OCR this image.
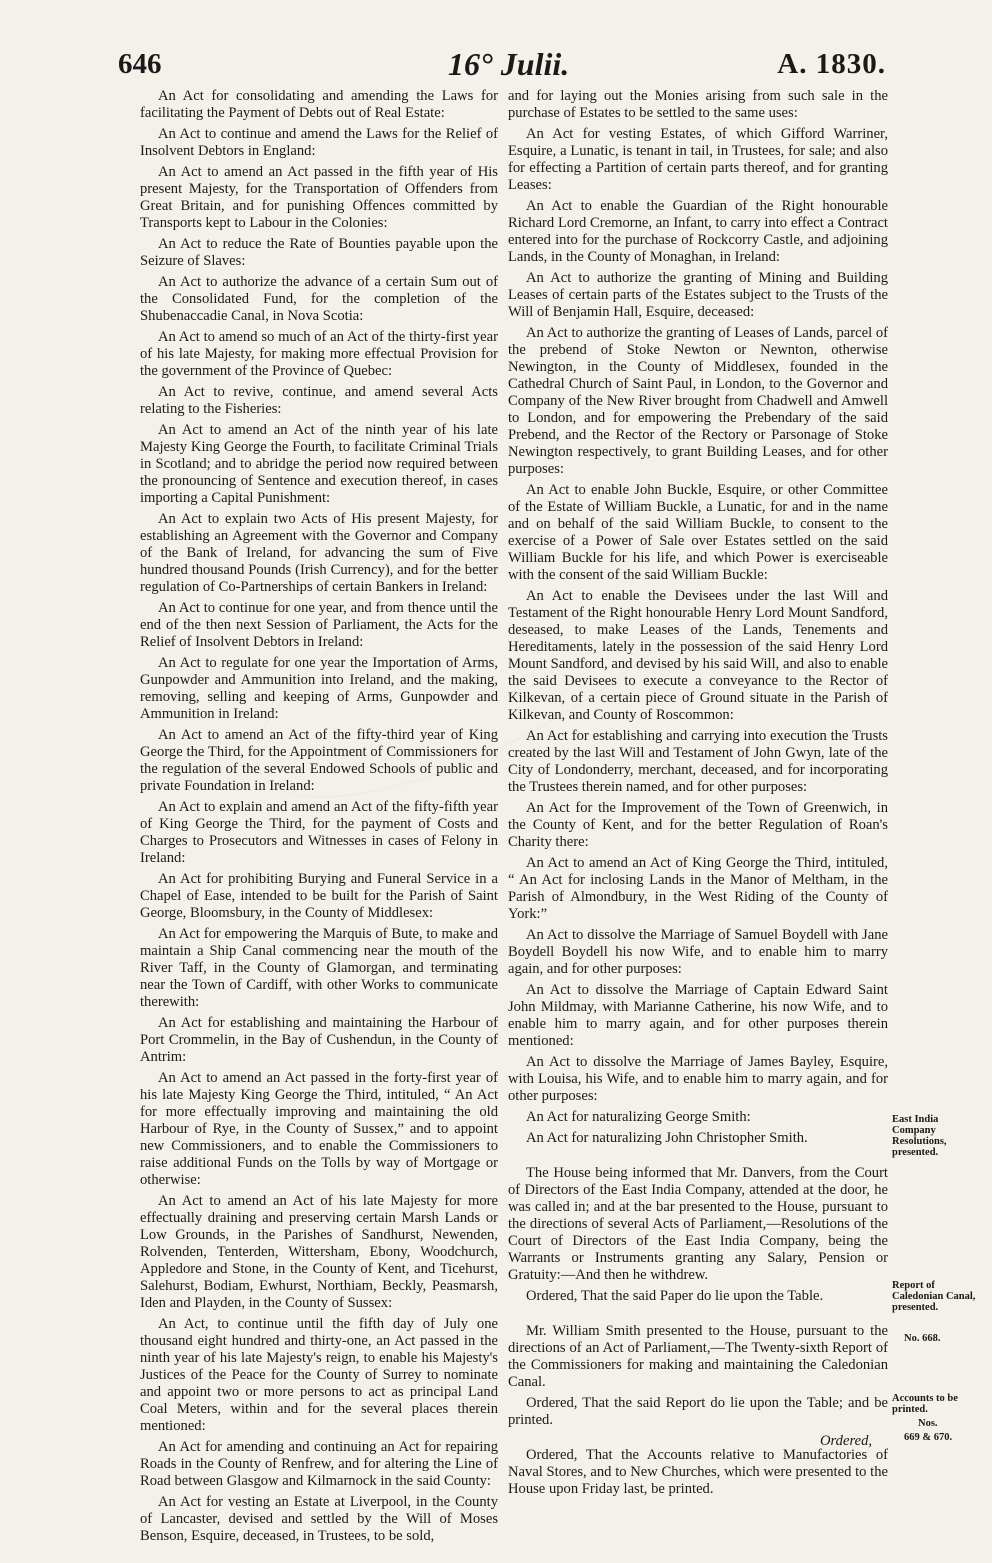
646	16° Julii.	A. 1830.

An Act for consolidating and amending the Laws for facilitating the Payment of Debts out of Real Estate:

An Act to continue and amend the Laws for the Relief of Insolvent Debtors in England:

An Act to amend an Act passed in the fifth year of His present Majesty, for the Transportation of Offenders from Great Britain, and for punishing Offences committed by Transports kept to Labour in the Colonies:

An Act to reduce the Rate of Bounties payable upon the Seizure of Slaves:

An Act to authorize the advance of a certain Sum out of the Consolidated Fund, for the completion of the Shubenaccadie Canal, in Nova Scotia:

An Act to amend so much of an Act of the thirty-first year of his late Majesty, for making more effectual Provision for the government of the Province of Quebec:

An Act to revive, continue, and amend several Acts relating to the Fisheries:

An Act to amend an Act of the ninth year of his late Majesty King George the Fourth, to facilitate Criminal Trials in Scotland; and to abridge the period now required between the pronouncing of Sentence and execution thereof, in cases importing a Capital Punishment:

An Act to explain two Acts of His present Majesty, for establishing an Agreement with the Governor and Company of the Bank of Ireland, for advancing the sum of Five hundred thousand Pounds (Irish Currency), and for the better regulation of Co-Partnerships of certain Bankers in Ireland:

An Act to continue for one year, and from thence until the end of the then next Session of Parliament, the Acts for the Relief of Insolvent Debtors in Ireland:

An Act to regulate for one year the Importation of Arms, Gunpowder and Ammunition into Ireland, and the making, removing, selling and keeping of Arms, Gunpowder and Ammunition in Ireland:

An Act to amend an Act of the fifty-third year of King George the Third, for the Appointment of Commissioners for the regulation of the several Endowed Schools of public and private Foundation in Ireland:

An Act to explain and amend an Act of the fifty-fifth year of King George the Third, for the payment of Costs and Charges to Prosecutors and Witnesses in cases of Felony in Ireland:

An Act for prohibiting Burying and Funeral Service in a Chapel of Ease, intended to be built for the Parish of Saint George, Bloomsbury, in the County of Middlesex:

An Act for empowering the Marquis of Bute, to make and maintain a Ship Canal commencing near the mouth of the River Taff, in the County of Glamorgan, and terminating near the Town of Cardiff, with other Works to communicate therewith:

An Act for establishing and maintaining the Harbour of Port Crommelin, in the Bay of Cushendun, in the County of Antrim:

An Act to amend an Act passed in the forty-first year of his late Majesty King George the Third, intituled, “ An Act for more effectually improving and maintaining the old Harbour of Rye, in the County of Sussex,” and to appoint new Commissioners, and to enable the Commissioners to raise additional Funds on the Tolls by way of Mortgage or otherwise:

An Act to amend an Act of his late Majesty for more effectually draining and preserving certain Marsh Lands or Low Grounds, in the Parishes of Sandhurst, Newenden, Rolvenden, Tenterden, Wittersham, Ebony, Woodchurch, Appledore and Stone, in the County of Kent, and Ticehurst, Salehurst, Bodiam, Ewhurst, Northiam, Beckly, Peasmarsh, Iden and Playden, in the County of Sussex:

An Act, to continue until the fifth day of July one thousand eight hundred and thirty-one, an Act passed in the ninth year of his late Majesty's reign, to enable his Majesty's Justices of the Peace for the County of Surrey to nominate and appoint two or more persons to act as principal Land Coal Meters, within and for the several places therein mentioned:

An Act for amending and continuing an Act for repairing Roads in the County of Renfrew, and for altering the Line of Road between Glasgow and Kilmarnock in the said County:

An Act for vesting an Estate at Liverpool, in the County of Lancaster, devised and settled by the Will of Moses Benson, Esquire, deceased, in Trustees, to be sold,

and for laying out the Monies arising from such sale in the purchase of Estates to be settled to the same uses:

An Act for vesting Estates, of which Gifford Warriner, Esquire, a Lunatic, is tenant in tail, in Trustees, for sale; and also for effecting a Partition of certain parts thereof, and for granting Leases:

An Act to enable the Guardian of the Right honourable Richard Lord Cremorne, an Infant, to carry into effect a Contract entered into for the purchase of Rockcorry Castle, and adjoining Lands, in the County of Monaghan, in Ireland:

An Act to authorize the granting of Mining and Building Leases of certain parts of the Estates subject to the Trusts of the Will of Benjamin Hall, Esquire, deceased:

An Act to authorize the granting of Leases of Lands, parcel of the prebend of Stoke Newton or Newnton, otherwise Newington, in the County of Middlesex, founded in the Cathedral Church of Saint Paul, in London, to the Governor and Company of the New River brought from Chadwell and Amwell to London, and for empowering the Prebendary of the said Prebend, and the Rector of the Rectory or Parsonage of Stoke Newington respectively, to grant Building Leases, and for other purposes:

An Act to enable John Buckle, Esquire, or other Committee of the Estate of William Buckle, a Lunatic, for and in the name and on behalf of the said William Buckle, to consent to the exercise of a Power of Sale over Estates settled on the said William Buckle for his life, and which Power is exerciseable with the consent of the said William Buckle:

An Act to enable the Devisees under the last Will and Testament of the Right honourable Henry Lord Mount Sandford, deseased, to make Leases of the Lands, Tenements and Hereditaments, lately in the possession of the said Henry Lord Mount Sandford, and devised by his said Will, and also to enable the said Devisees to execute a conveyance to the Rector of Kilkevan, of a certain piece of Ground situate in the Parish of Kilkevan, and County of Roscommon:

An Act for establishing and carrying into execution the Trusts created by the last Will and Testament of John Gwyn, late of the City of Londonderry, merchant, deceased, and for incorporating the Trustees therein named, and for other purposes:

An Act for the Improvement of the Town of Greenwich, in the County of Kent, and for the better Regulation of Roan's Charity there:

An Act to amend an Act of King George the Third, intituled, “ An Act for inclosing Lands in the Manor of Meltham, in the Parish of Almondbury, in the West Riding of the County of York:”

An Act to dissolve the Marriage of Samuel Boydell with Jane Boydell Boydell his now Wife, and to enable him to marry again, and for other purposes:

An Act to dissolve the Marriage of Captain Edward Saint John Mildmay, with Marianne Catherine, his now Wife, and to enable him to marry again, and for other purposes therein mentioned:

An Act to dissolve the Marriage of James Bayley, Esquire, with Louisa, his Wife, and to enable him to marry again, and for other purposes:

An Act for naturalizing George Smith:

An Act for naturalizing John Christopher Smith.

The House being informed that Mr. Danvers, from the Court of Directors of the East India Company, attended at the door, he was called in; and at the bar presented to the House, pursuant to the directions of several Acts of Parliament,—Resolutions of the Court of Directors of the East India Company, being the Warrants or Instruments granting any Salary, Pension or Gratuity:—And then he withdrew.

Ordered, That the said Paper do lie upon the Table.

Mr. William Smith presented to the House, pursuant to the directions of an Act of Parliament,—The Twenty-sixth Report of the Commissioners for making and maintaining the Caledonian Canal.

Ordered, That the said Report do lie upon the Table; and be printed.

Ordered, That the Accounts relative to Manufactories of Naval Stores, and to New Churches, which were presented to the House upon Friday last, be printed.

East India Company Resolutions, presented.
Report of Caledonian Canal, presented.
No. 668.
Accounts to be printed.
Nos.
669 & 670.
Ordered,
